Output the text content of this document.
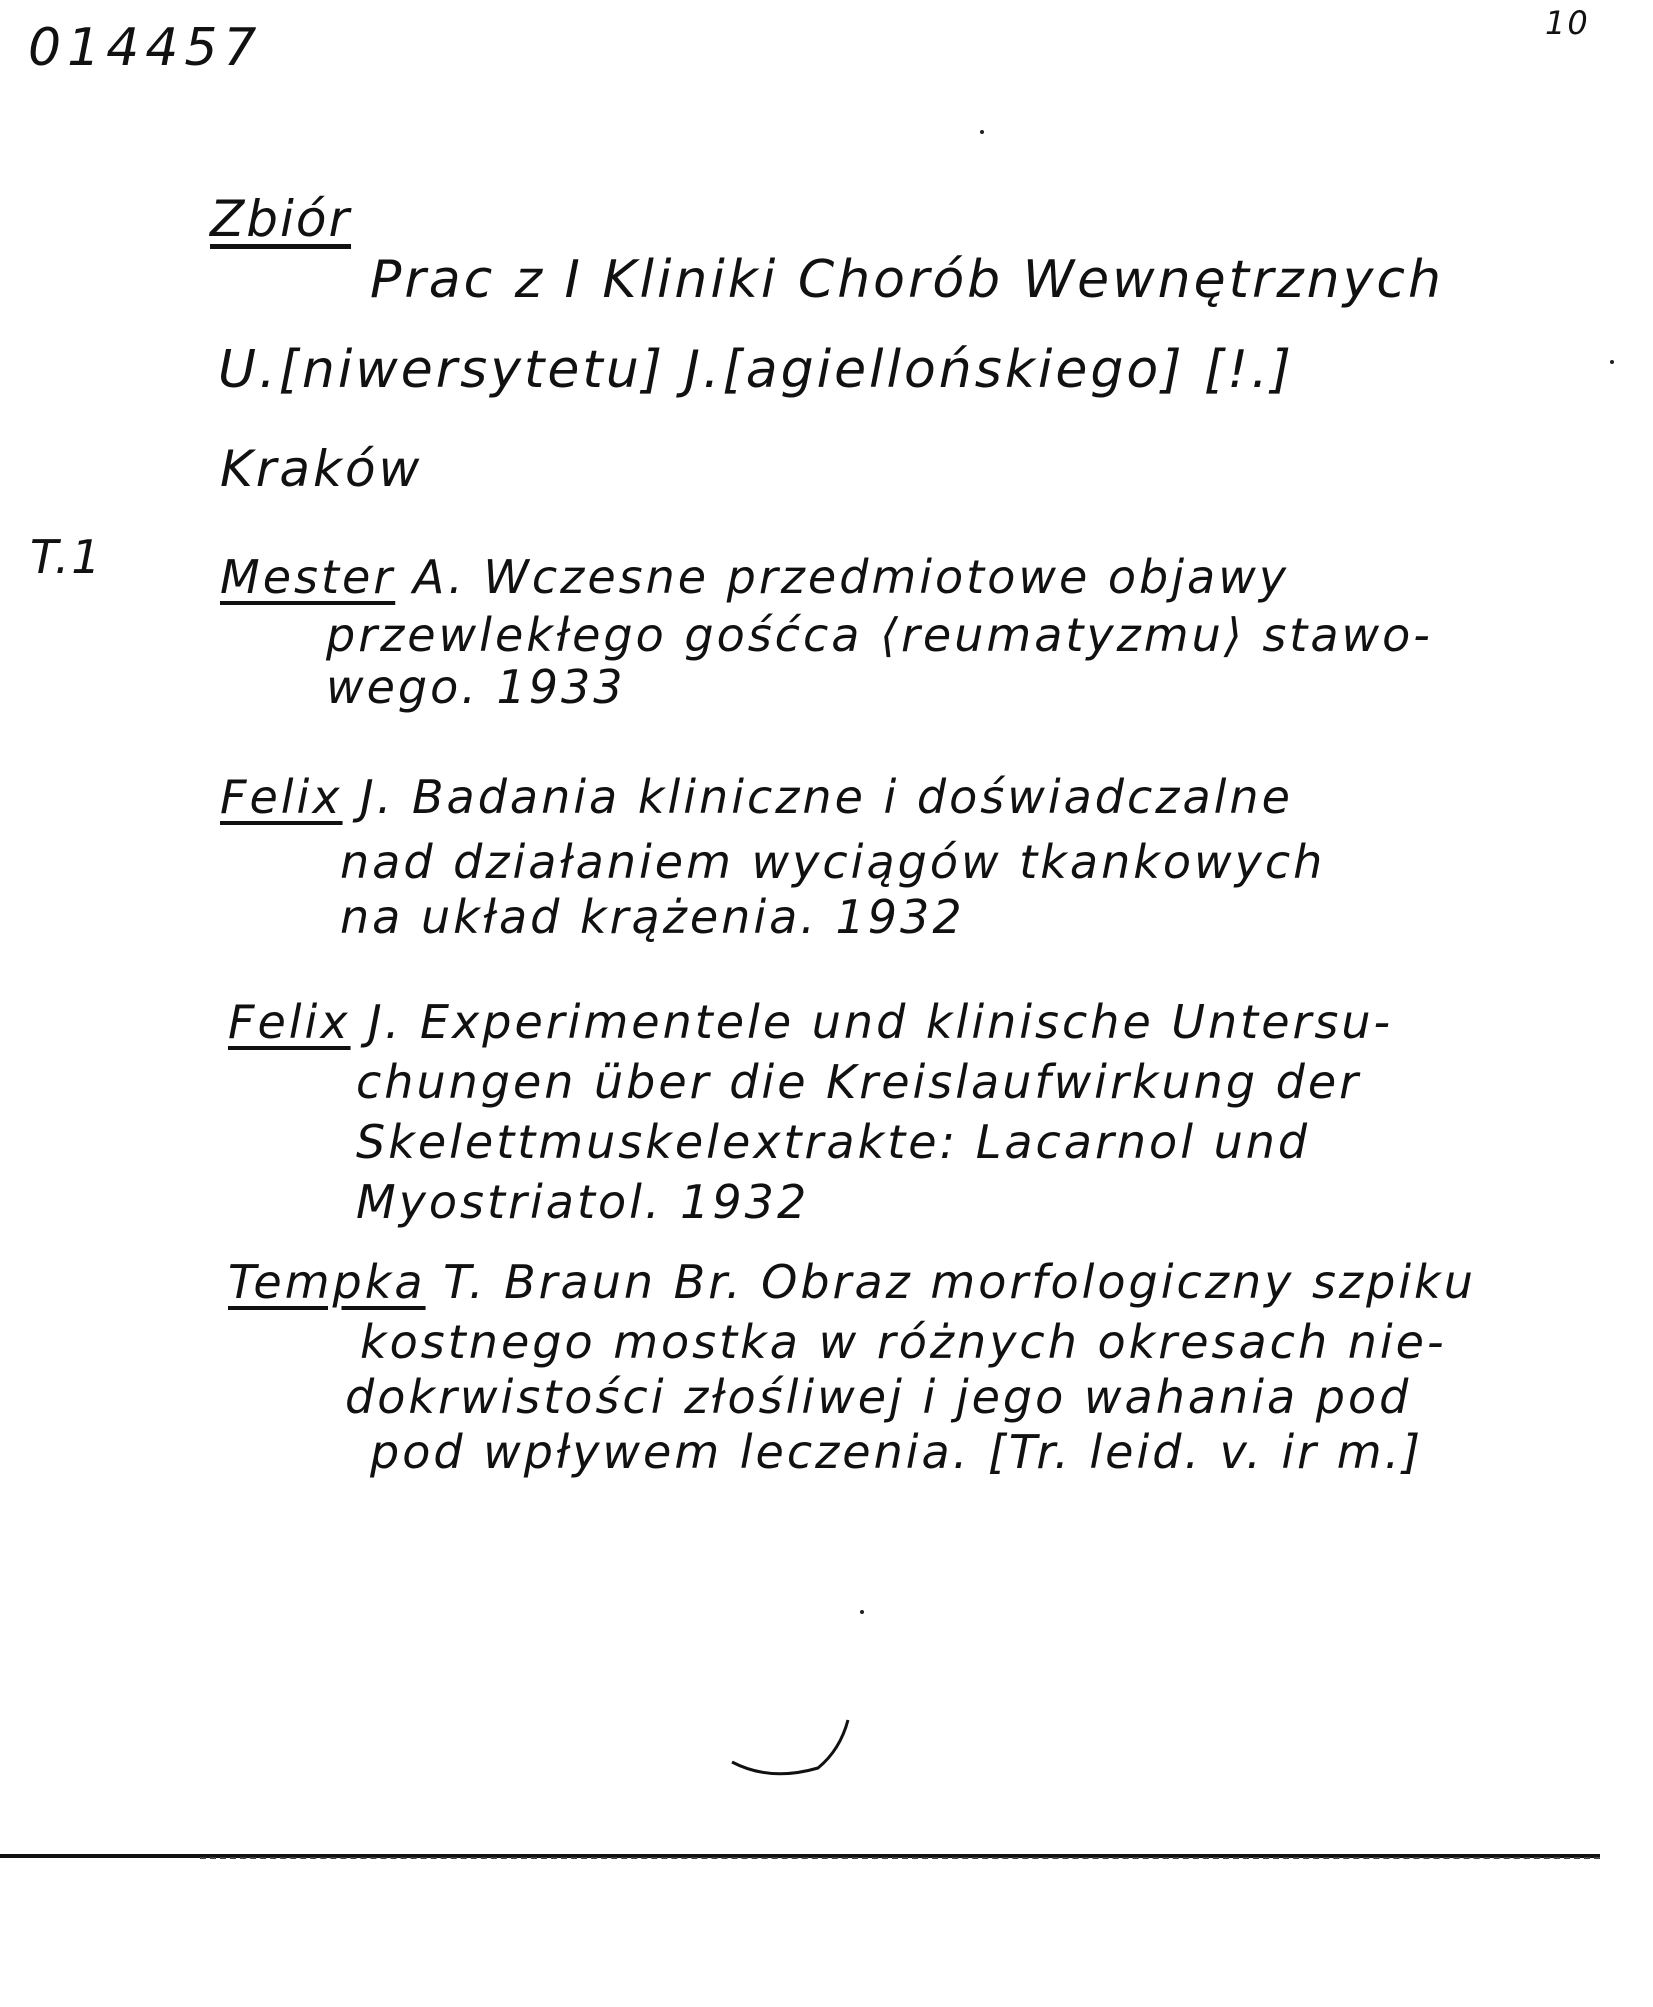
014457	10
Zbiór
Prac z I Kliniki Chorób Wewnętrznych
U.[niwersytetu] J.[agiellońskiego] [!.]
Kraków
T.1	Mester A. Wczesne przedmiotowe objawy
przewlekłego gośćca ⟨reumatyzmu⟩ stawo-
wego. 1933
Felix J. Badania kliniczne i doświadczalne
nad działaniem wyciągów tkankowych
na układ krążenia. 1932
Felix J. Experimentele und klinische Untersu-
chungen über die Kreislaufwirkung der
Skelettmuskelextrakte: Lacarnol und
Myostriatol. 1932
Tempka T. Braun Br. Obraz morfologiczny szpiku
kostnego mostka w różnych okresach nie-
dokrwistości złośliwej i jego wahania pod
pod wpływem leczenia. [Tr. leid. v. ir m.]
